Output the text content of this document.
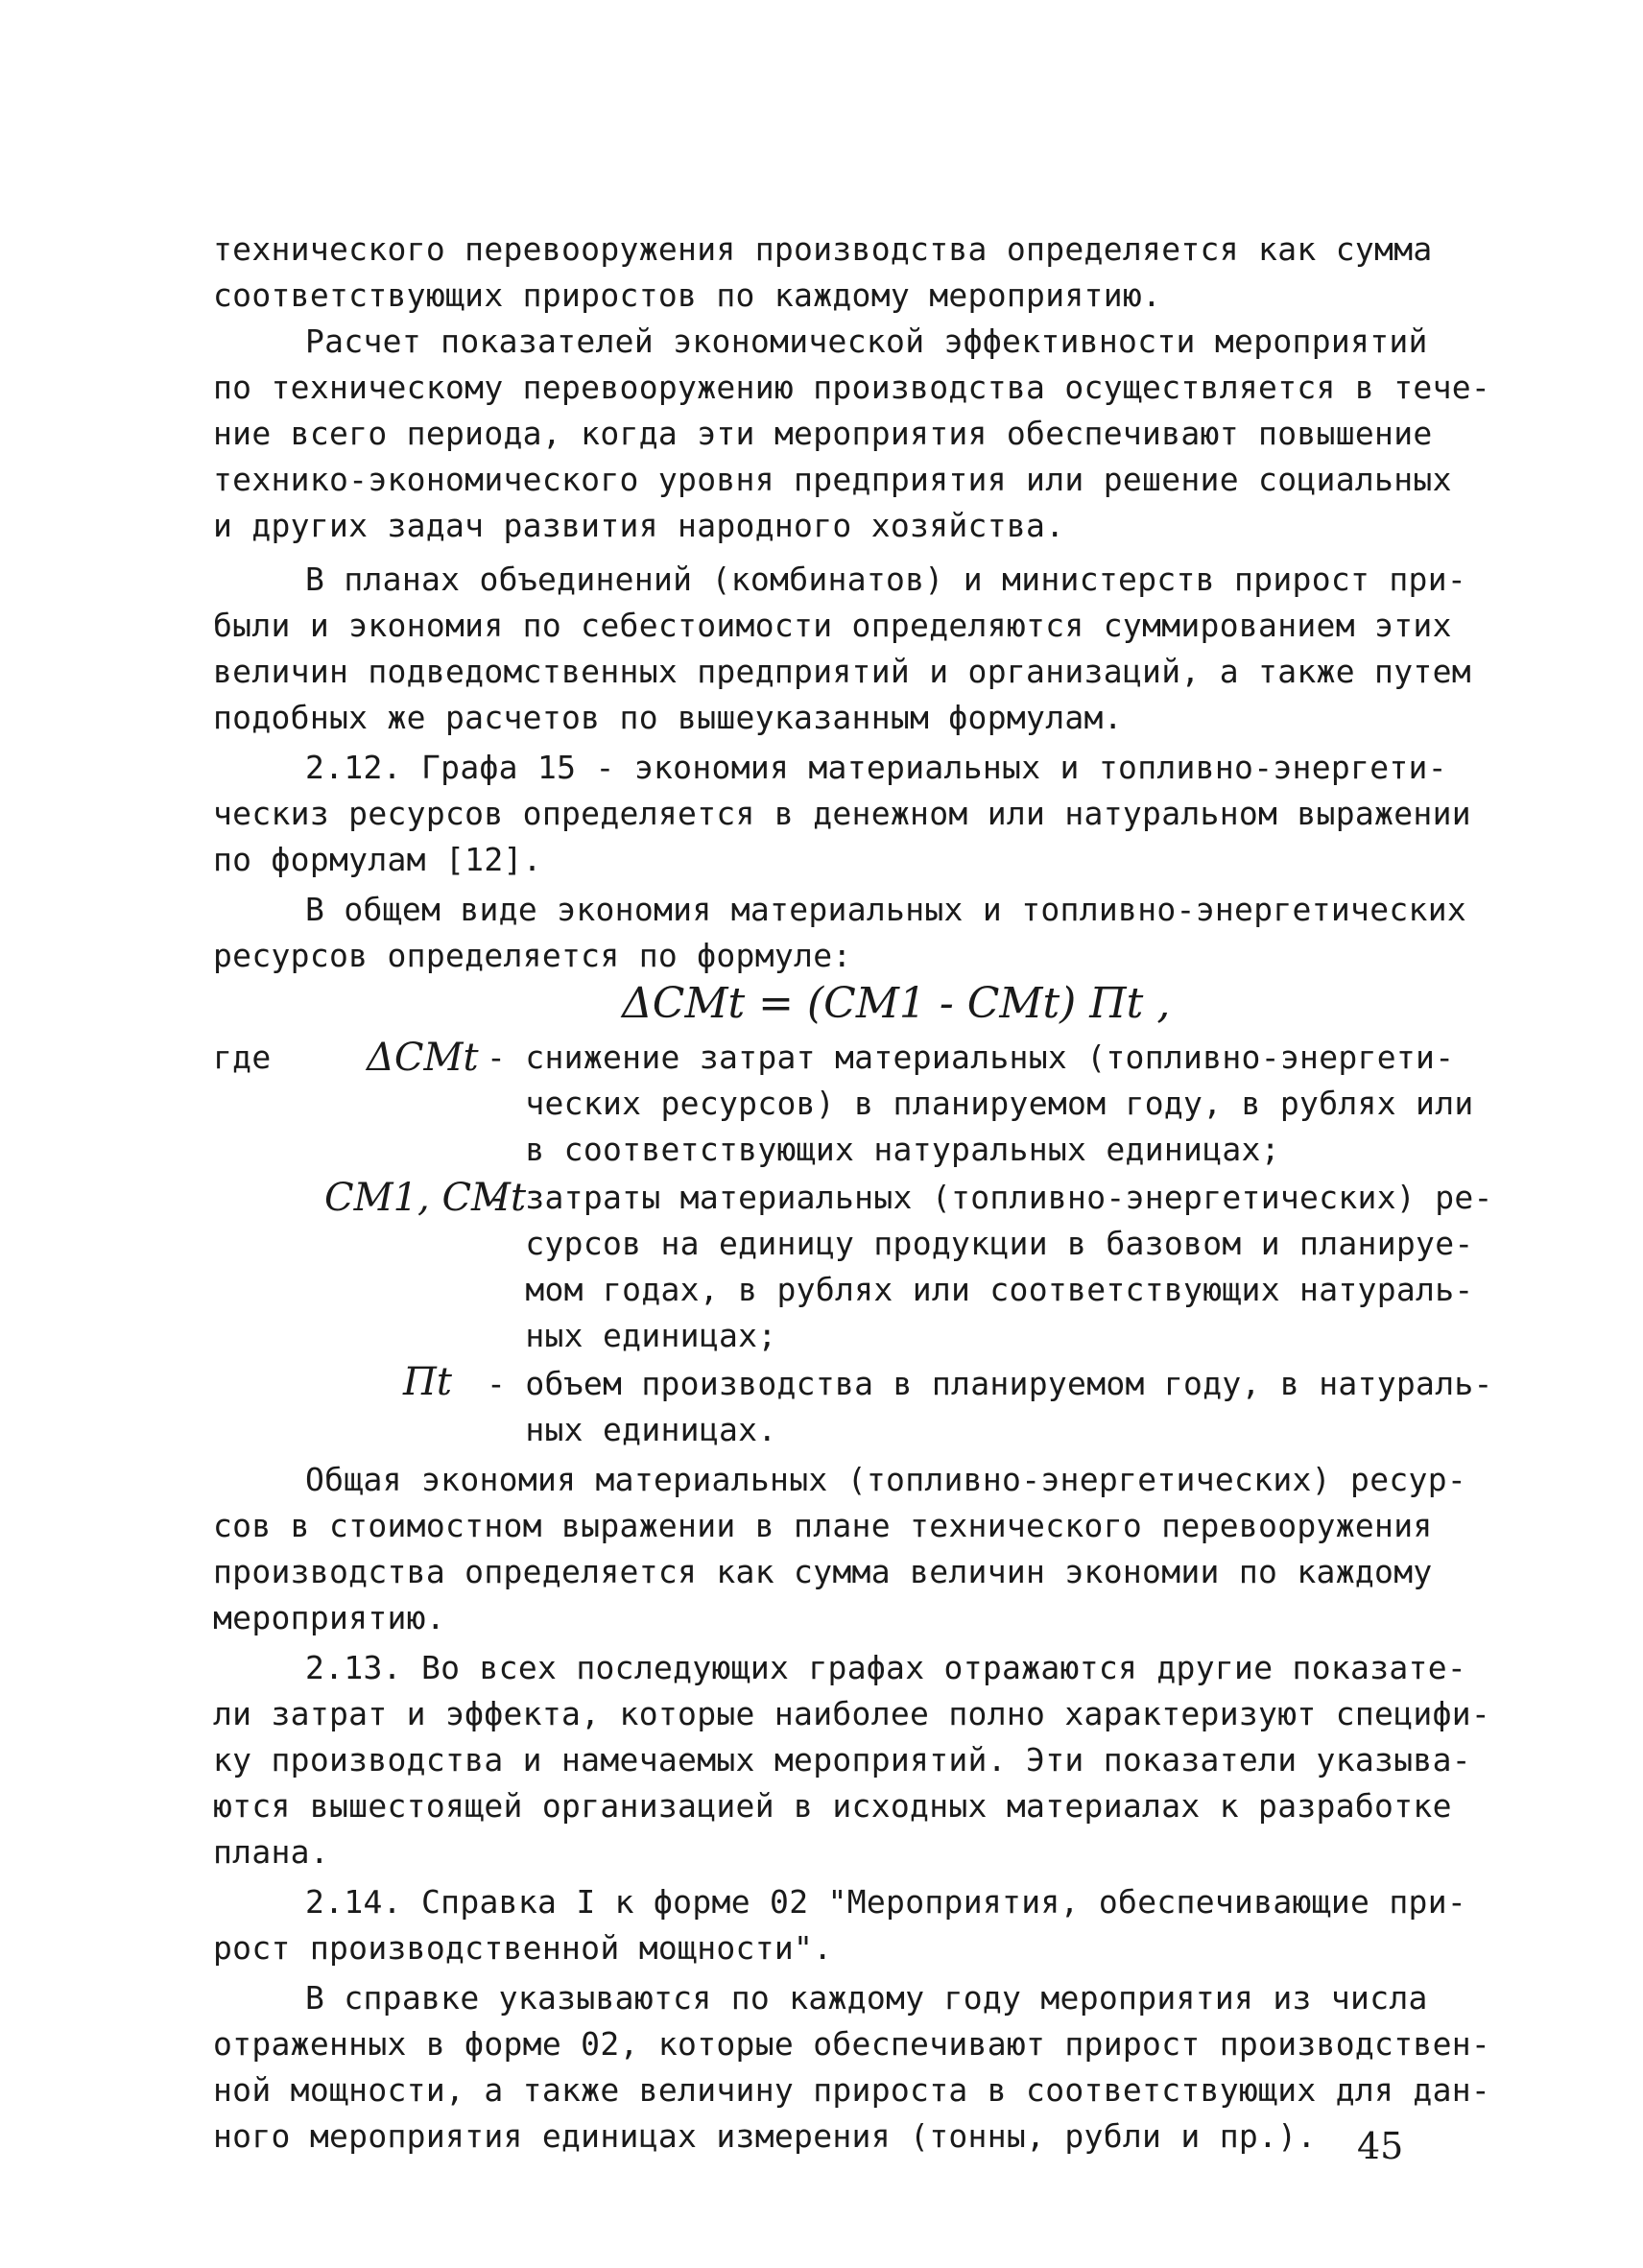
технического перевооружения производства определяется как сумма
соответствующих приростов по каждому мероприятию.
Расчет показателей экономической эффективности мероприятий
по техническому перевооружению производства осуществляется в тече-
ние всего периода, когда эти мероприятия обеспечивают повышение
технико-экономического уровня предприятия или решение социальных
и других задач развития народного хозяйства.
В планах объединений (комбинатов) и министерств прирост при-
были и экономия по себестоимости определяются суммированием этих
величин подведомственных предприятий и организаций, а также путем
подобных же расчетов по вышеуказанным формулам.
2.12. Графа 15 - экономия материальных и топливно-энергети-
ческиз ресурсов определяется в денежном или натуральном выражении
по формулам [12].
В общем виде экономия материальных и топливно-энергетических
ресурсов определяется по формуле:
ΔCMt = (CM1 - CMt) Пt ,
где ΔCMt - снижение затрат материальных (топливно-энергети-
ческих ресурсов) в планируемом году, в рублях или
в соответствующих натуральных единицах;
CM1, CMt
- затраты материальных (топливно-энергетических) ре-
сурсов на единицу продукции в базовом и планируе-
мом годах, в рублях или соответствующих натураль-
ных единицах;
Пt - объем производства в планируемом году, в натураль-
ных единицах.
Общая экономия материальных (топливно-энергетических) ресур-
сов в стоимостном выражении в плане технического перевооружения
производства определяется как сумма величин экономии по каждому
мероприятию.
2.13. Во всех последующих графах отражаются другие показате-
ли затрат и эффекта, которые наиболее полно характеризуют специфи-
ку производства и намечаемых мероприятий. Эти показатели указыва-
ются вышестоящей организацией в исходных материалах к разработке
плана.
2.14. Справка I к форме 02 "Мероприятия, обеспечивающие при-
рост производственной мощности".
В справке указываются по каждому году мероприятия из числа
отраженных в форме 02, которые обеспечивают прирост производствен-
ной мощности, а также величину прироста в соответствующих для дан-
ного мероприятия единицах измерения (тонны, рубли и пр.). 45
